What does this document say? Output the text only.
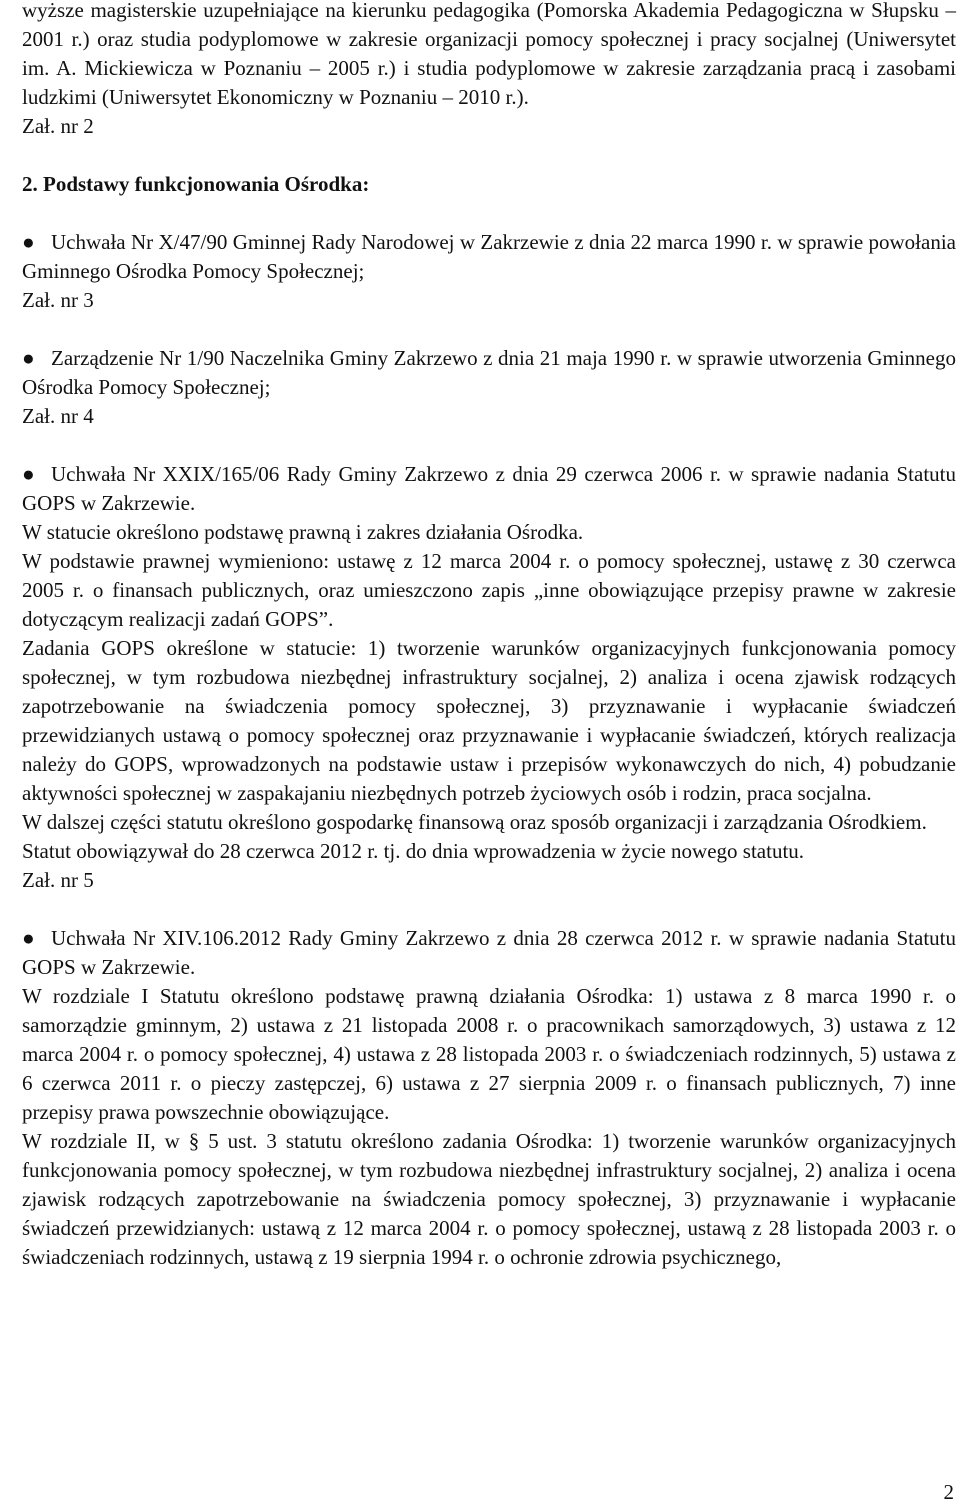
wyższe magisterskie uzupełniające na kierunku pedagogika (Pomorska Akademia Pedagogiczna w Słupsku – 2001 r.) oraz studia podyplomowe w zakresie organizacji pomocy społecznej i pracy socjalnej (Uniwersytet im. A. Mickiewicza w Poznaniu – 2005 r.) i studia podyplomowe w zakresie zarządzania pracą i zasobami ludzkimi (Uniwersytet Ekonomiczny w Poznaniu – 2010 r.).

Zał. nr 2

2. Podstawy funkcjonowania Ośrodka:

● Uchwała Nr X/47/90 Gminnej Rady Narodowej w Zakrzewie z dnia 22 marca 1990 r. w sprawie powołania Gminnego Ośrodka Pomocy Społecznej;

Zał. nr 3

● Zarządzenie Nr 1/90 Naczelnika Gminy Zakrzewo z dnia 21 maja 1990 r. w sprawie utworzenia Gminnego Ośrodka Pomocy Społecznej;

Zał. nr 4

● Uchwała Nr XXIX/165/06 Rady Gminy Zakrzewo z dnia 29 czerwca 2006 r. w sprawie nadania Statutu GOPS w Zakrzewie.

W statucie określono podstawę prawną i zakres działania Ośrodka.

W podstawie prawnej wymieniono: ustawę z 12 marca 2004 r. o pomocy społecznej, ustawę z 30 czerwca 2005 r. o finansach publicznych, oraz umieszczono zapis „inne obowiązujące przepisy prawne w zakresie dotyczącym realizacji zadań GOPS”.

Zadania GOPS określone w statucie: 1) tworzenie warunków organizacyjnych funkcjonowania pomocy społecznej, w tym rozbudowa niezbędnej infrastruktury socjalnej, 2) analiza i ocena zjawisk rodzących zapotrzebowanie na świadczenia pomocy społecznej, 3) przyznawanie i wypłacanie świadczeń przewidzianych ustawą o pomocy społecznej oraz przyznawanie i wypłacanie świadczeń, których realizacja należy do GOPS, wprowadzonych na podstawie ustaw i przepisów wykonawczych do nich, 4) pobudzanie aktywności społecznej w zaspakajaniu niezbędnych potrzeb życiowych osób i rodzin, praca socjalna.

W dalszej części statutu określono gospodarkę finansową oraz sposób organizacji i zarządzania Ośrodkiem.

Statut obowiązywał do 28 czerwca 2012 r. tj. do dnia wprowadzenia w życie nowego statutu.

Zał. nr 5

● Uchwała Nr XIV.106.2012 Rady Gminy Zakrzewo z dnia 28 czerwca 2012 r. w sprawie nadania Statutu GOPS w Zakrzewie.

W rozdziale I Statutu określono podstawę prawną działania Ośrodka: 1) ustawa z 8 marca 1990 r. o samorządzie gminnym, 2) ustawa z 21 listopada 2008 r. o pracownikach samorządowych, 3) ustawa z 12 marca 2004 r. o pomocy społecznej, 4) ustawa z 28 listopada 2003 r. o świadczeniach rodzinnych, 5) ustawa z 6 czerwca 2011 r. o pieczy zastępczej, 6) ustawa z 27 sierpnia 2009 r. o finansach publicznych, 7) inne przepisy prawa powszechnie obowiązujące.

W rozdziale II, w § 5 ust. 3 statutu określono zadania Ośrodka: 1) tworzenie warunków organizacyjnych funkcjonowania pomocy społecznej, w tym rozbudowa niezbędnej infrastruktury socjalnej, 2) analiza i ocena zjawisk rodzących zapotrzebowanie na świadczenia pomocy społecznej, 3) przyznawanie i wypłacanie świadczeń przewidzianych: ustawą z 12 marca 2004 r. o pomocy społecznej, ustawą z 28 listopada 2003 r. o świadczeniach rodzinnych, ustawą z 19 sierpnia 1994 r. o ochronie zdrowia psychicznego,

2
